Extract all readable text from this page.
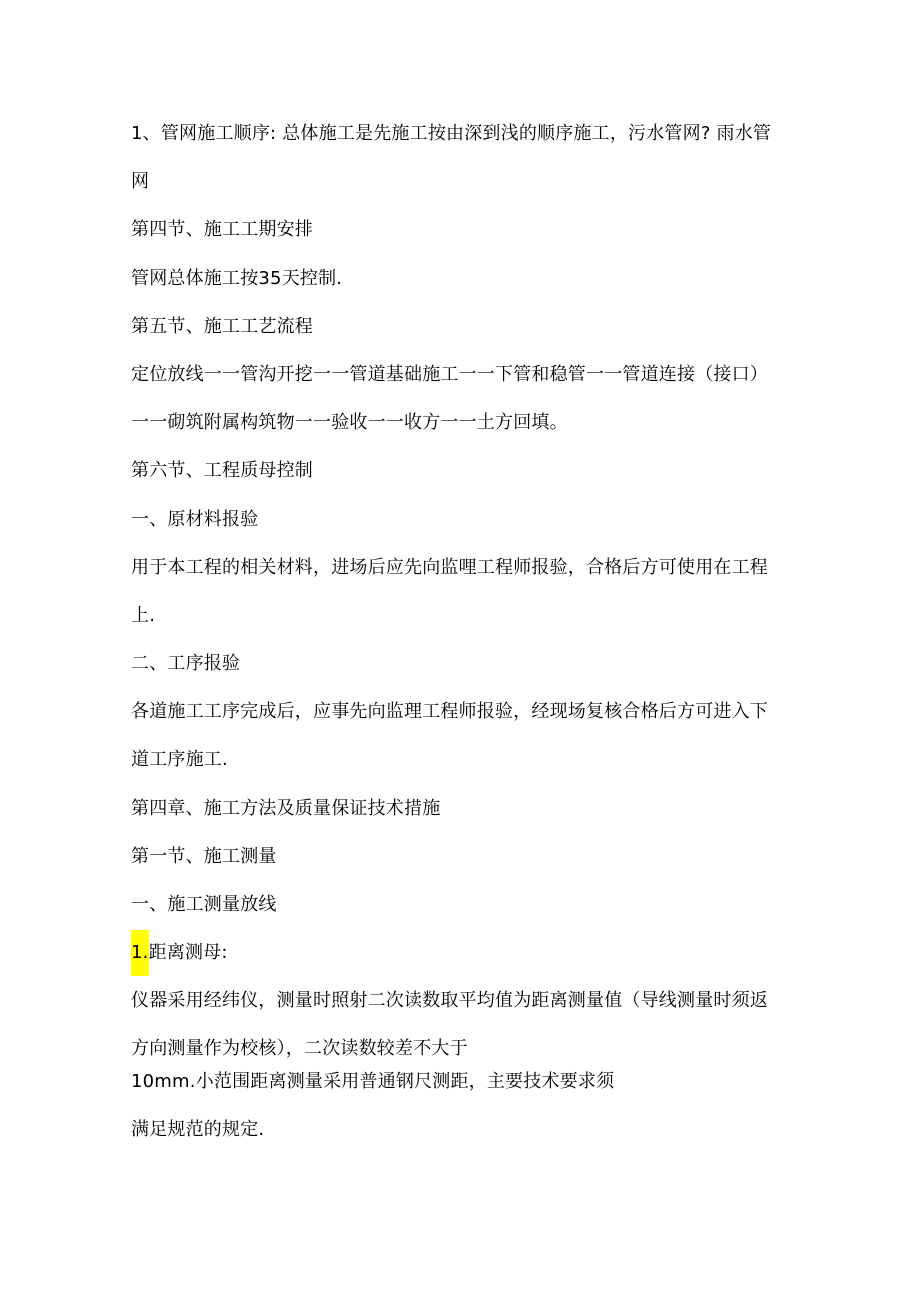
1、管网施工顺序: 总体施工是先施工按由深到浅的顺序施工，污水管网? 雨水管
网
第四节、施工工期安排
管网总体施工按35天控制.
第五节、施工工艺流程
定位放线一一管沟开挖一一管道基础施工一一下管和稳管一一管道连接（接口）
一一砌筑附属构筑物一一验收一一收方一一土方回填。
第六节、工程质母控制
一、原材料报验
用于本工程的相关材料，进场后应先向监哩工程师报验，合格后方可使用在工程
上.
二、工序报验
各道施工工序完成后，应事先向监理工程师报验，经现场复核合格后方可进入下
道工序施工.
第四章、施工方法及质量保证技术措施
第一节、施工测量
一、施工测量放线
1.距离测母:
仪器采用经纬仪，测量时照射二次读数取平均值为距离测量值（导线测量时须返
方向测量作为校核），二次读数较差不大于
10mm.小范围距离测量采用普通钢尺测距，主要技术要求须
满足规范的规定.
